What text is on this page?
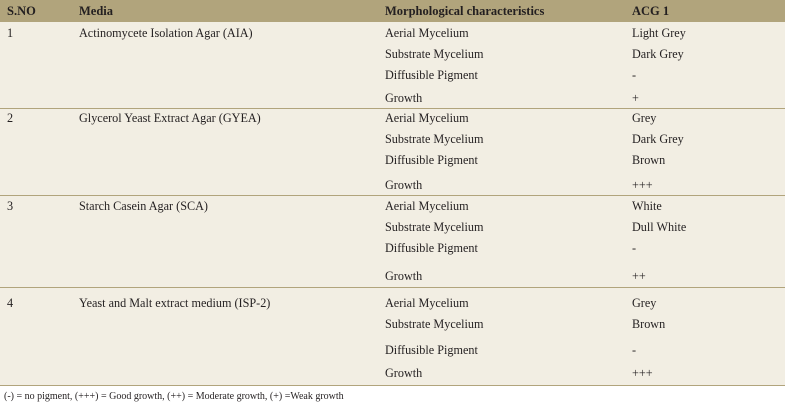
S.NO	Media	Morphological characteristics	ACG 1
1	Actinomycete Isolation Agar (AIA)	Aerial Mycelium	Light Grey
Substrate Mycelium	Dark Grey
Diffusible Pigment	-
Growth	+
2	Glycerol Yeast Extract Agar (GYEA)	Aerial Mycelium	Grey
Substrate Mycelium	Dark Grey
Diffusible Pigment	Brown
Growth	+++
3	Starch Casein Agar (SCA)	Aerial Mycelium	White
Substrate Mycelium	Dull White
Diffusible Pigment	-
Growth	++
4	Yeast and Malt extract medium (ISP-2)	Aerial Mycelium	Grey
Substrate Mycelium	Brown
Diffusible Pigment	-
Growth	+++
(-) = no pigment, (+++) = Good growth, (++) = Moderate growth, (+) =Weak growth
